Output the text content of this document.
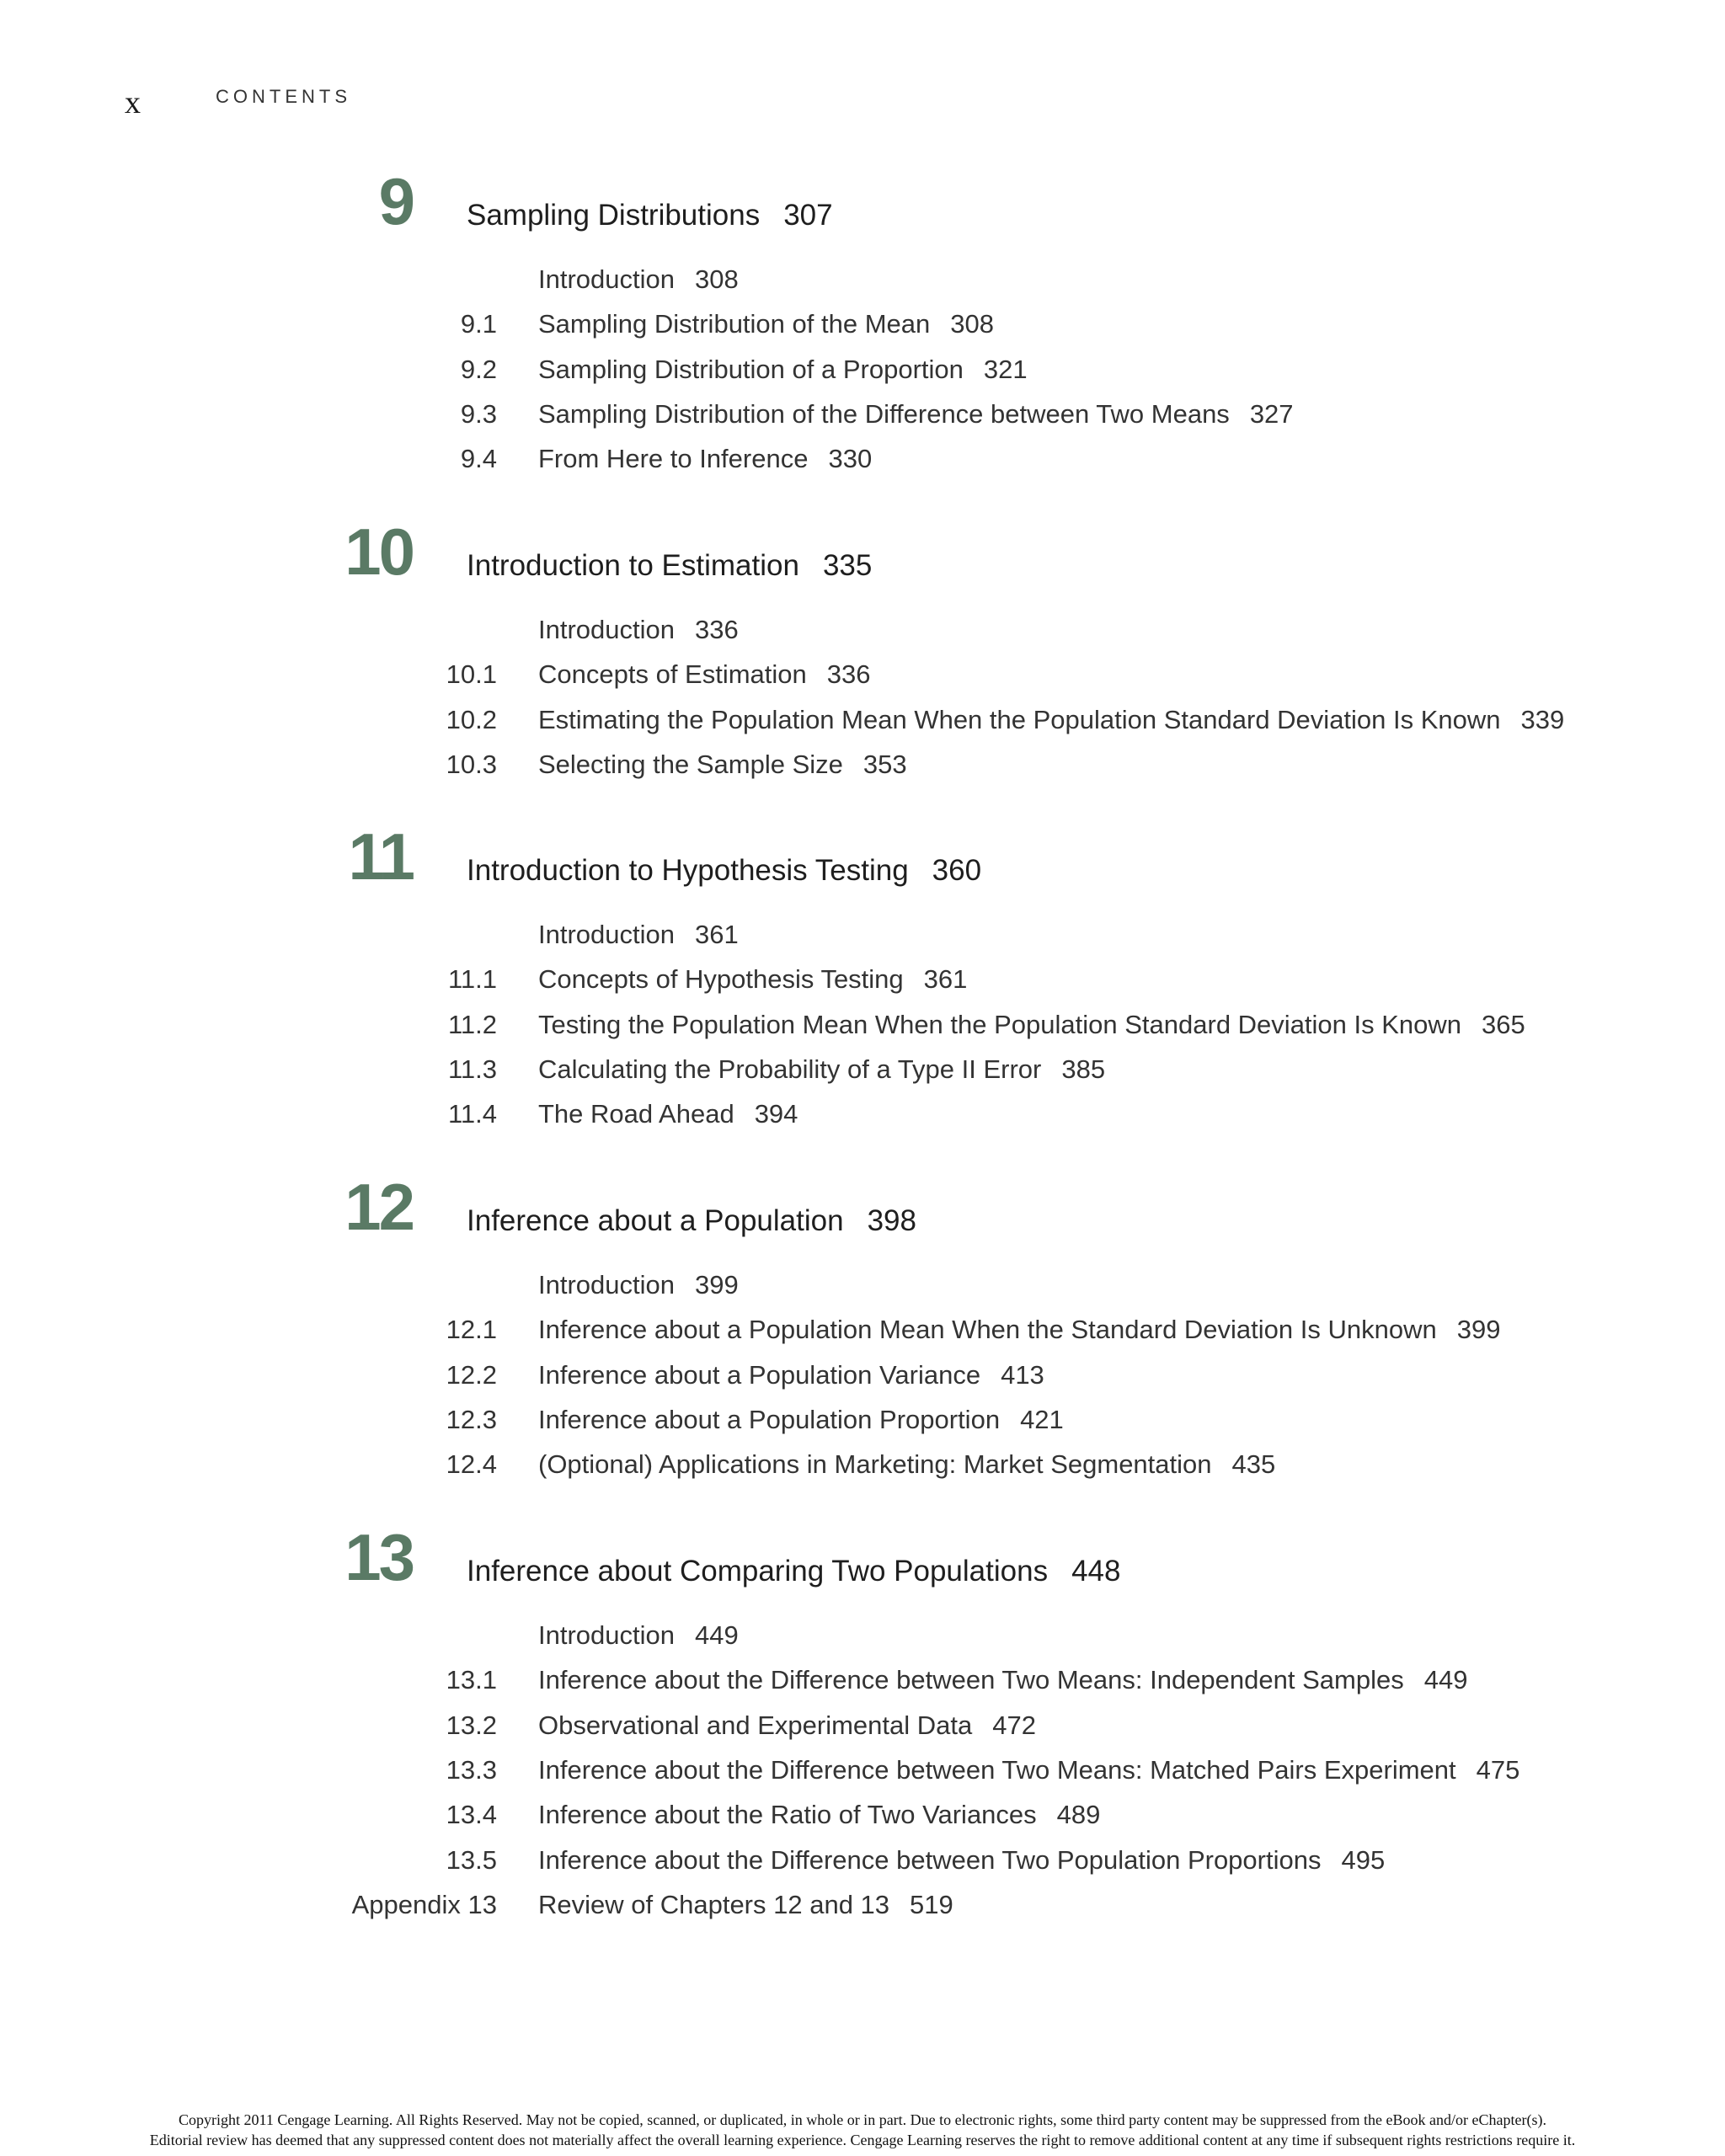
x	CONTENTS
9 Sampling Distributions 307
Introduction 308
9.1 Sampling Distribution of the Mean 308
9.2 Sampling Distribution of a Proportion 321
9.3 Sampling Distribution of the Difference between Two Means 327
9.4 From Here to Inference 330
10 Introduction to Estimation 335
Introduction 336
10.1 Concepts of Estimation 336
10.2 Estimating the Population Mean When the Population Standard Deviation Is Known 339
10.3 Selecting the Sample Size 353
11 Introduction to Hypothesis Testing 360
Introduction 361
11.1 Concepts of Hypothesis Testing 361
11.2 Testing the Population Mean When the Population Standard Deviation Is Known 365
11.3 Calculating the Probability of a Type II Error 385
11.4 The Road Ahead 394
12 Inference about a Population 398
Introduction 399
12.1 Inference about a Population Mean When the Standard Deviation Is Unknown 399
12.2 Inference about a Population Variance 413
12.3 Inference about a Population Proportion 421
12.4 (Optional) Applications in Marketing: Market Segmentation 435
13 Inference about Comparing Two Populations 448
Introduction 449
13.1 Inference about the Difference between Two Means: Independent Samples 449
13.2 Observational and Experimental Data 472
13.3 Inference about the Difference between Two Means: Matched Pairs Experiment 475
13.4 Inference about the Ratio of Two Variances 489
13.5 Inference about the Difference between Two Population Proportions 495
Appendix 13 Review of Chapters 12 and 13 519
Copyright 2011 Cengage Learning. All Rights Reserved. May not be copied, scanned, or duplicated, in whole or in part. Due to electronic rights, some third party content may be suppressed from the eBook and/or eChapter(s).
Editorial review has deemed that any suppressed content does not materially affect the overall learning experience. Cengage Learning reserves the right to remove additional content at any time if subsequent rights restrictions require it.
